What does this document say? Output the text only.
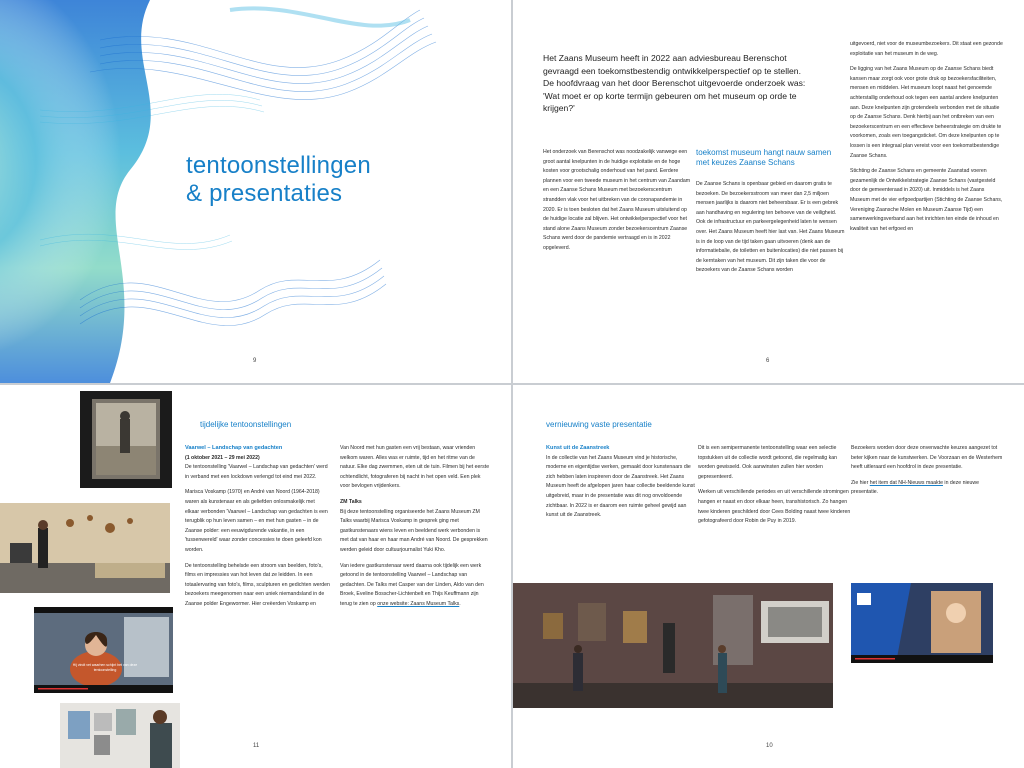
tentoonstellingen
& presentaties
9
Het Zaans Museum heeft in 2022 aan adviesbureau Berenschot gevraagd een toekomstbestendig ontwikkelperspectief op te stellen. De hoofdvraag van het door Berenschot uitgevoerde onderzoek was: 'Wat moet er op korte termijn gebeuren om het museum op orde te krijgen?'

Het onderzoek van Berenschot was noodzakelijk vanwege een groot aantal knelpunten in de huidige exploitatie en de hoge kosten voor grootschalig onderhoud van het pand. Eerdere plannen voor een tweede museum in het centrum van Zaandam en een Zaanse Schans Museum met bezoekerscentrum strandden vlak voor het uitbreken van de coronapandemie in 2020. Er is toen besloten dat het Zaans Museum uitsluitend op de huidige locatie zal blijven. Het ontwikkelperspectief voor het stand alone Zaans Museum zonder bezoekerscentrum Zaanse Schans werd door de pandemie vertraagd en is in 2022 opgeleverd.

toekomst museum hangt nauw samen met keuzes Zaanse Schans

De Zaanse Schans is openbaar gebied en daarom gratis te bezoeken. De bezoekersstroom van meer dan 2,5 miljoen mensen jaarlijks is daarom niet beheersbaar. Er is een gebrek aan handhaving en regulering ten behoeve van de veiligheid. Ook de infrastructuur en parkeergelegenheid laten te wensen over. Het Zaans Museum heeft hier last van. Het Zaans Museum is in de loop van de tijd taken gaan uitvoeren (denk aan de informatiebalie, de toiletten en buitenlocaties) die niet passen bij de kerntaken van het museum. Dit zijn taken die voor de bezoekers van de Zaanse Schans worden

uitgevoerd, niet voor de museumbezoekers. Dit staat een gezonde exploitatie van het museum in de weg.

De ligging van het Zaans Museum op de Zaanse Schans biedt kansen maar zorgt ook voor grote druk op bezoekersfaciliteiten, mensen en middelen. Het museum loopt naast het genoemde achterstallig onderhoud ook tegen een aantal andere knelpunten aan. Deze knelpunten zijn grotendeels verbonden met de situatie op de Zaanse Schans. Denk hierbij aan het ontbreken van een bezoekerscentrum en een effectieve beheerstrategie om drukte te voorkomen, zoals een toegangsticket. Om deze knelpunten op te lossen is een integraal plan vereist voor een toekomstbestendige Zaanse Schans.

Stichting de Zaanse Schans en gemeente Zaanstad voeren gezamenlijk de Ontwikkelstrategie Zaanse Schans (vastgesteld door de gemeenteraad in 2020) uit. Inmiddels is het Zaans Museum met de vier erfgoedpartijen (Stichting de Zaanse Schans, Vereniging Zaansche Molen en Museum Zaanse Tijd) een samenwerkingsverband aan het inrichten ten einde de inhoud en kwaliteit van het erfgoed en

6
Hij vindt vet waarhen schijnt het van deze tentoonstelling
tijdelijke tentoonstellingen
Vaarwel – Landschap van gedachten
(1 oktober 2021 – 29 mei 2022)

De tentoonstelling 'Vaarwel – Landschap van gedachten' werd in verband met een lockdown verlengd tot eind mei 2022.

Marisca Voskamp (1970) en André van Noord (1964-2018) waren als kunstenaar en als geliefden onlosmakelijk met elkaar verbonden 'Vaarwel – Landschap van gedachten is een terugblik op hun leven samen – en met hun gasten – in de Zaanse polder: een eeuwigdurende vakantie, in een 'tussenwereld' waar zonder concessies te doen geleefd kon worden.

De tentoonstelling behelsde een stroom van beelden, foto's, films en impressies van hot leven dat ze leidden. In een totaalervaring van foto's, films, sculpturen en gedichten werden bezoekers meegenomen naar een uniek niemandsland in de Zaanse polder Engewormer. Hier creëerden Voskamp en

Van Noord met hun gasten een vrij bestaan, waar vrienden welkom waren. Alles was er ruimte, tijd en het ritme van de natuur. Elke dag zwemmen, eten uit de tuin. Filmen bij het eerste ochtendlicht, fotograferen bij nacht in het open veld. Een plek voor bevlogen vrijdenkers.

ZM Talks

Bij deze tentoonstelling organiseerde het Zaans Museum ZM Talks waarbij Marisca Voskamp in gesprek ging met gastkunstenaars wiens leven en beeldend werk verbonden is met dat van haar en haar man André van Noord. De gesprekken werden geleid door cultuurjournalist Yuki Kho.

Van iedere gastkunstenaar werd daarna ook tijdelijk een werk getoond in de tentoonstelling Vaarwel – Landschap van gedachten. De Talks met Casper van der Linden, Aldo van den Broek, Eveline Bosscher-Lichtenbelt en Thijs Keuffmann zijn terug te zien op onze website: Zaans Museum Talks.

11
vernieuwing vaste presentatie
Kunst uit de Zaanstreek

In de collectie van het Zaans Museum vind je historische, moderne en eigentijdse werken, gemaakt door kunstenaars die zich hebben laten inspireren door de Zaanstreek. Het Zaans Museum heeft de afgelopen jaren haar collectie beeldende kunst uitgebreid, maar in de presentatie was dit nog onvoldoende zichtbaar. In 2022 is er daarom een ruimte geheel gewijd aan kunst uit de Zaanstreek.

Dit is een semipermanente tentoonstelling waar een selectie topstukken uit de collectie wordt getoond, die regelmatig kan worden gewisseld. Ook aanwinsten zullen hier worden gepresenteerd.

Werken uit verschillende periodes en uit verschillende stromingen hangen er naast en door elkaar heen, transhistorisch. Zo hangen twee kinderen geschilderd door Cees Bolding naast twee kinderen gefotografeerd door Robin de Puy in 2019.

Bezoekers worden door deze onverwachte keuzes aangezet tot beter kijken naar de kunstwerken. De Voorzaan en de Westerhem heeft uitleraard een hoofdrol in deze presentatie.

Zie hier het item dat NH-Nieuws maakte in deze nieuwe presentatie.

10
